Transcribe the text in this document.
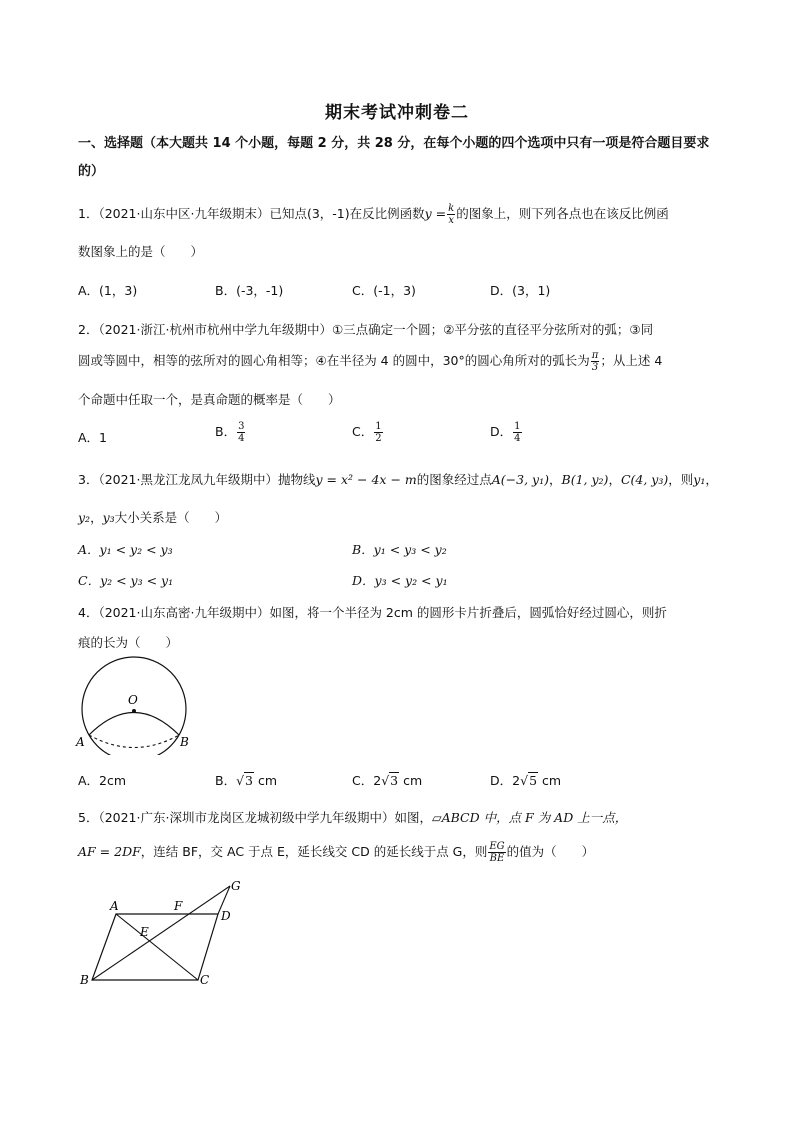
期末考试冲刺卷二
一、选择题（本大题共 14 个小题，每题 2 分，共 28 分，在每个小题的四个选项中只有一项是符合题目要求的）
1．（2021·山东中区·九年级期末）已知点(3，-1)在反比例函数$y = \frac{k}{x}$ 的图象上，则下列各点也在该反比例函
数图象上的是（　　）
A．(1，3)	B．(-3，-1)	C．(-1，3)	D．(3，1)
2．（2021·浙江·杭州市杭州中学九年级期中）①三点确定一个圆；②平分弦的直径平分弦所对的弧；③同
圆或等圆中，相等的弦所对的圆心角相等；④在半径为 4 的圆中，30°的圆心角所对的弧长为 $\frac{\pi}{3}$ ；从上述 4
个命题中任取一个，是真命题的概率是（　　）
A．1	B． $\frac{3}{4}$	C． $\frac{1}{2}$	D． $\frac{1}{4}$
3．（2021·黑龙江龙凤九年级期中）抛物线y = x² − 4x − m的图象经过点A(−3, y₁)，B(1, y₂)，C(4, y₃)，则y₁，
y₂，y₃大小关系是（　　）
A．y₁ < y₂ < y₃	B．y₁ < y₃ < y₂
C．y₂ < y₃ < y₁	D．y₃ < y₂ < y₁
4．（2021·山东高密·九年级期中）如图，将一个半径为 2cm 的圆形卡片折叠后，圆弧恰好经过圆心，则折
痕的长为（　　）
O
A	B
A．2cm	B．√3 cm	C．2√3 cm	D．2√5 cm
5．（2021·广东·深圳市龙岗区龙城初级中学九年级期中）如图，▱ABCD 中，点 F 为 AD 上一点，
AF = 2DF，连结 BF，交 AC 于点 E，延长线交 CD 的延长线于点 G，则 $\frac{EG}{BE}$ 的值为（　　）
A	F
D
G
E
B	C
